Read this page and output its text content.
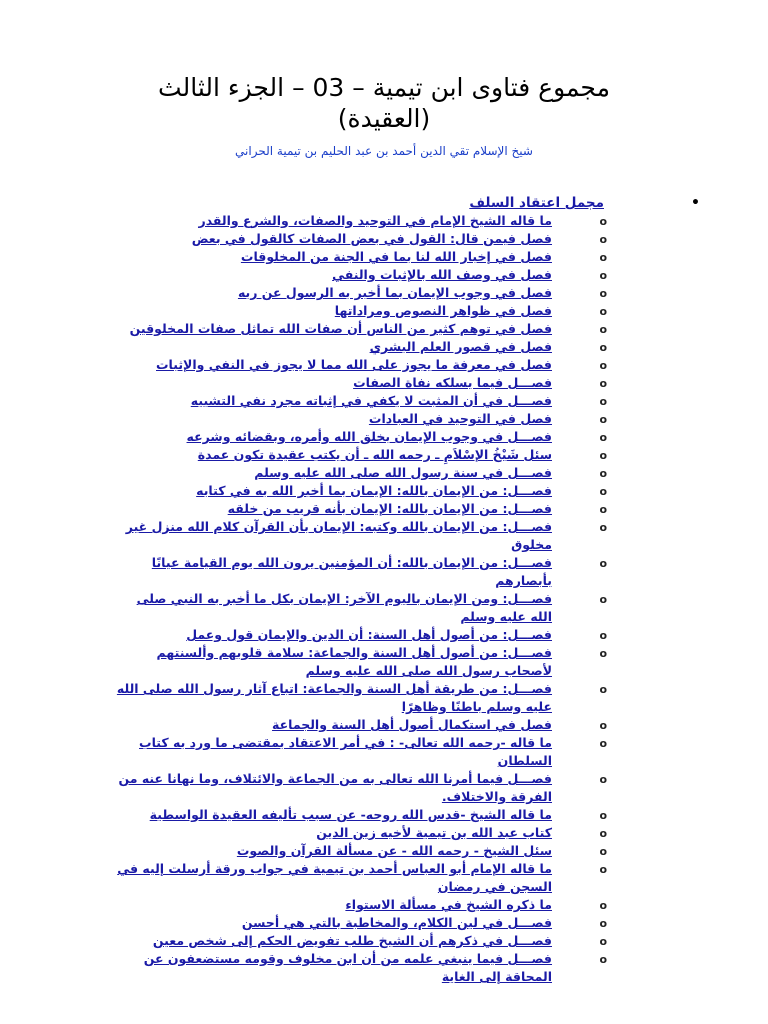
مجموع فتاوى ابن تيمية – 03 – الجزء الثالث
(العقيدة)
شيخ الإسلام تقي الدين أحمد بن عبد الحليم بن تيمية الحراني
•
مجمل اعتقاد السلف
o
ما قاله الشيخ الإمام في التوحيد والصفات، والشرع والقدر
o
فصل فيمن قال: القول في بعض الصفات كالقول في بعض
o
فصل في إخبار الله لنا بما في الجنة من المخلوقات
o
فصل في وصف الله بالإثبات والنفي
o
فصل في وجوب الإيمان بما أخبر به الرسول عن ربه
o
فصل في ظواهر النصوص ومراداتها
o
فصل في توهم كثير من الناس أن صفات الله تماثل صفات المخلوقين
o
فصل في قصور العلم البشري
o
فصل في معرفة ما يجوز على الله مما لا يجوز في النفي والإثبات
o
فصـــل فيما يسلكه نفاة الصفات
o
فصـــل في أن المثبت لا يكفي في إثباته مجرد نفي التشبيه
o
فصل في التوحيد في العبادات
o
فصـــل في وجوب الإيمان بخلق الله وأمره، وبقضائه وشرعه
o
سئل شَيْخُ الإسْلاَمِ ـ رحمه الله ـ أن يكتب عقيدة تكون عمدة
o
فصـــل في سنة رسول الله صلى الله عليه وسلم
o
فصـــل: من الإيمان بالله: الإيمان بما أخبر الله به في كتابه
o
فصـــل: من الإيمان بالله: الإيمان بأنه قريب من خلقه
o
فصـــل: من الإيمان بالله وكتبه: الإيمان بأن القرآن كلام الله منزل غير مخلوق
o
فصـــل: من الإيمان بالله: أن المؤمنين يرون الله يوم القيامة عيانًا بأبصارهم
o
فصـــل: ومن الإيمان باليوم الآخر: الإيمان بكل ما أخبر به النبي صلى الله عليه وسلم
o
فصـــل: من أصول أهل السنة: أن الدين والإيمان قول وعمل
o
فصـــل: من أصول أهل السنة والجماعة: سلامة قلوبهم وألسنتهم لأصحاب رسول الله صلى الله عليه وسلم
o
فصـــل: من طريقة أهل السنة والجماعة: اتباع آثار رسول الله صلى الله عليه وسلم باطنًا وظاهرًا
o
فصل في استكمال أصول أهل السنة والجماعة
o
ما قاله -رحمه الله تعالى- : في أمر الاعتقاد بمقتضى ما ورد به كتاب السلطان
o
فصـــل فيما أمرنا الله تعالى به من الجماعة والائتلاف، وما نهانا عنه من الفرقة والاختلاف.
o
ما قاله الشيخ -قدس الله روحه- عن سبب تأليفه العقيدة الواسطية
o
كتاب عبد الله بن تيمية لأخيه زين الدين
o
سئل الشيخ - رحمه الله - عن مسألة القرآن والصوت
o
ما قاله الإمام أبو العباس أحمد بن تيمية في جواب ورقة أرسلت إليه في السجن في رمضان
o
ما ذكره الشيخ في مسألة الاستواء
o
فصـــل في لين الكلام، والمخاطبة بالتي هي أحسن
o
فصـــل في ذكرهم أن الشيخ طلب تفويض الحكم إلى شخص معين
o
فصـــل فيما ينبغي علمه من أن ابن مخلوف وقومه مستضعفون عن المحاقة إلى الغاية
